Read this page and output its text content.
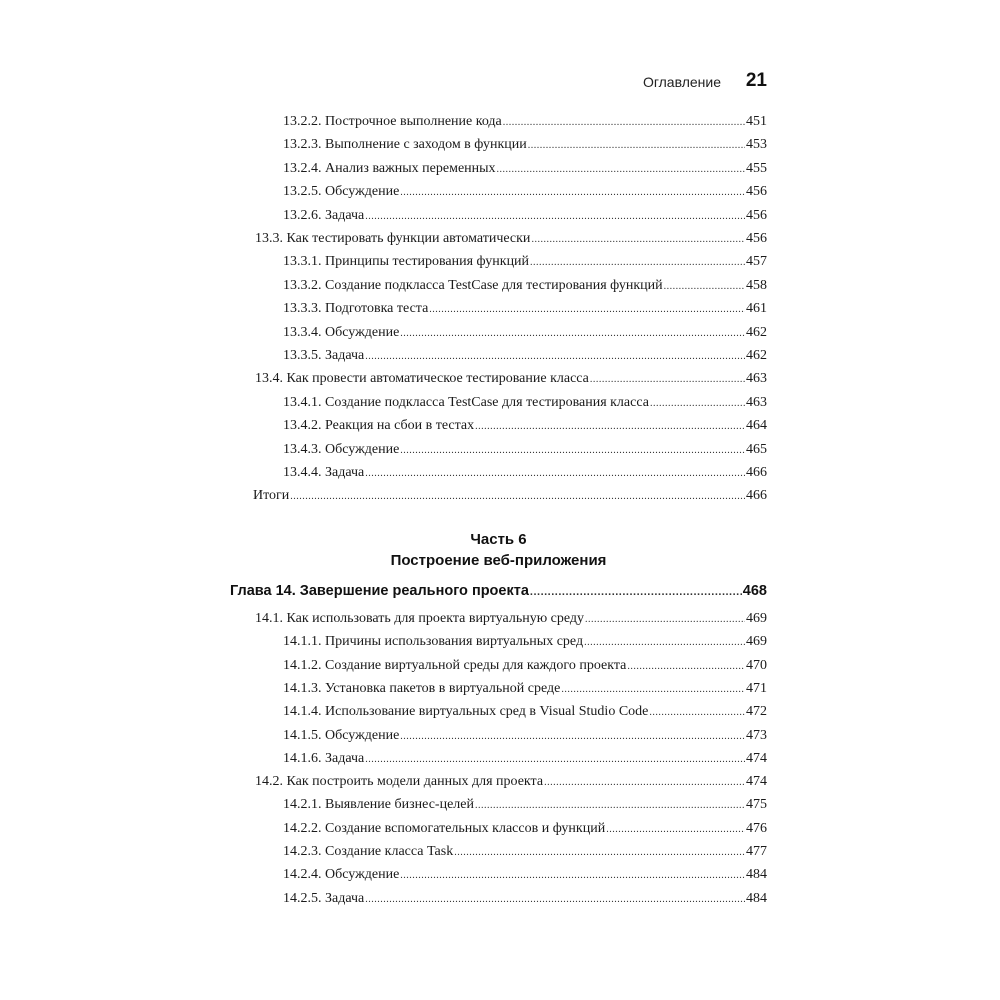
Оглавление 21
13.2.2. Построчное выполнение кода .....	451
13.2.3. Выполнение с заходом в функции .....	453
13.2.4. Анализ важных переменных .....	455
13.2.5. Обсуждение .....	456
13.2.6. Задача .....	456
13.3. Как тестировать функции автоматически .....	456
13.3.1. Принципы тестирования функций .....	457
13.3.2. Создание подкласса TestCase для тестирования функций .....	458
13.3.3. Подготовка теста .....	461
13.3.4. Обсуждение .....	462
13.3.5. Задача .....	462
13.4. Как провести автоматическое тестирование класса .....	463
13.4.1. Создание подкласса TestCase для тестирования класса .....	463
13.4.2. Реакция на сбои в тестах .....	464
13.4.3. Обсуждение .....	465
13.4.4. Задача .....	466
Итоги .....	466
Часть 6
Построение веб-приложения
Глава 14. Завершение реального проекта .....	468
14.1. Как использовать для проекта виртуальную среду .....	469
14.1.1. Причины использования виртуальных сред .....	469
14.1.2. Создание виртуальной среды для каждого проекта .....	470
14.1.3. Установка пакетов в виртуальной среде .....	471
14.1.4. Использование виртуальных сред в Visual Studio Code .....	472
14.1.5. Обсуждение .....	473
14.1.6. Задача .....	474
14.2. Как построить модели данных для проекта .....	474
14.2.1. Выявление бизнес-целей .....	475
14.2.2. Создание вспомогательных классов и функций .....	476
14.2.3. Создание класса Task .....	477
14.2.4. Обсуждение .....	484
14.2.5. Задача .....	484
